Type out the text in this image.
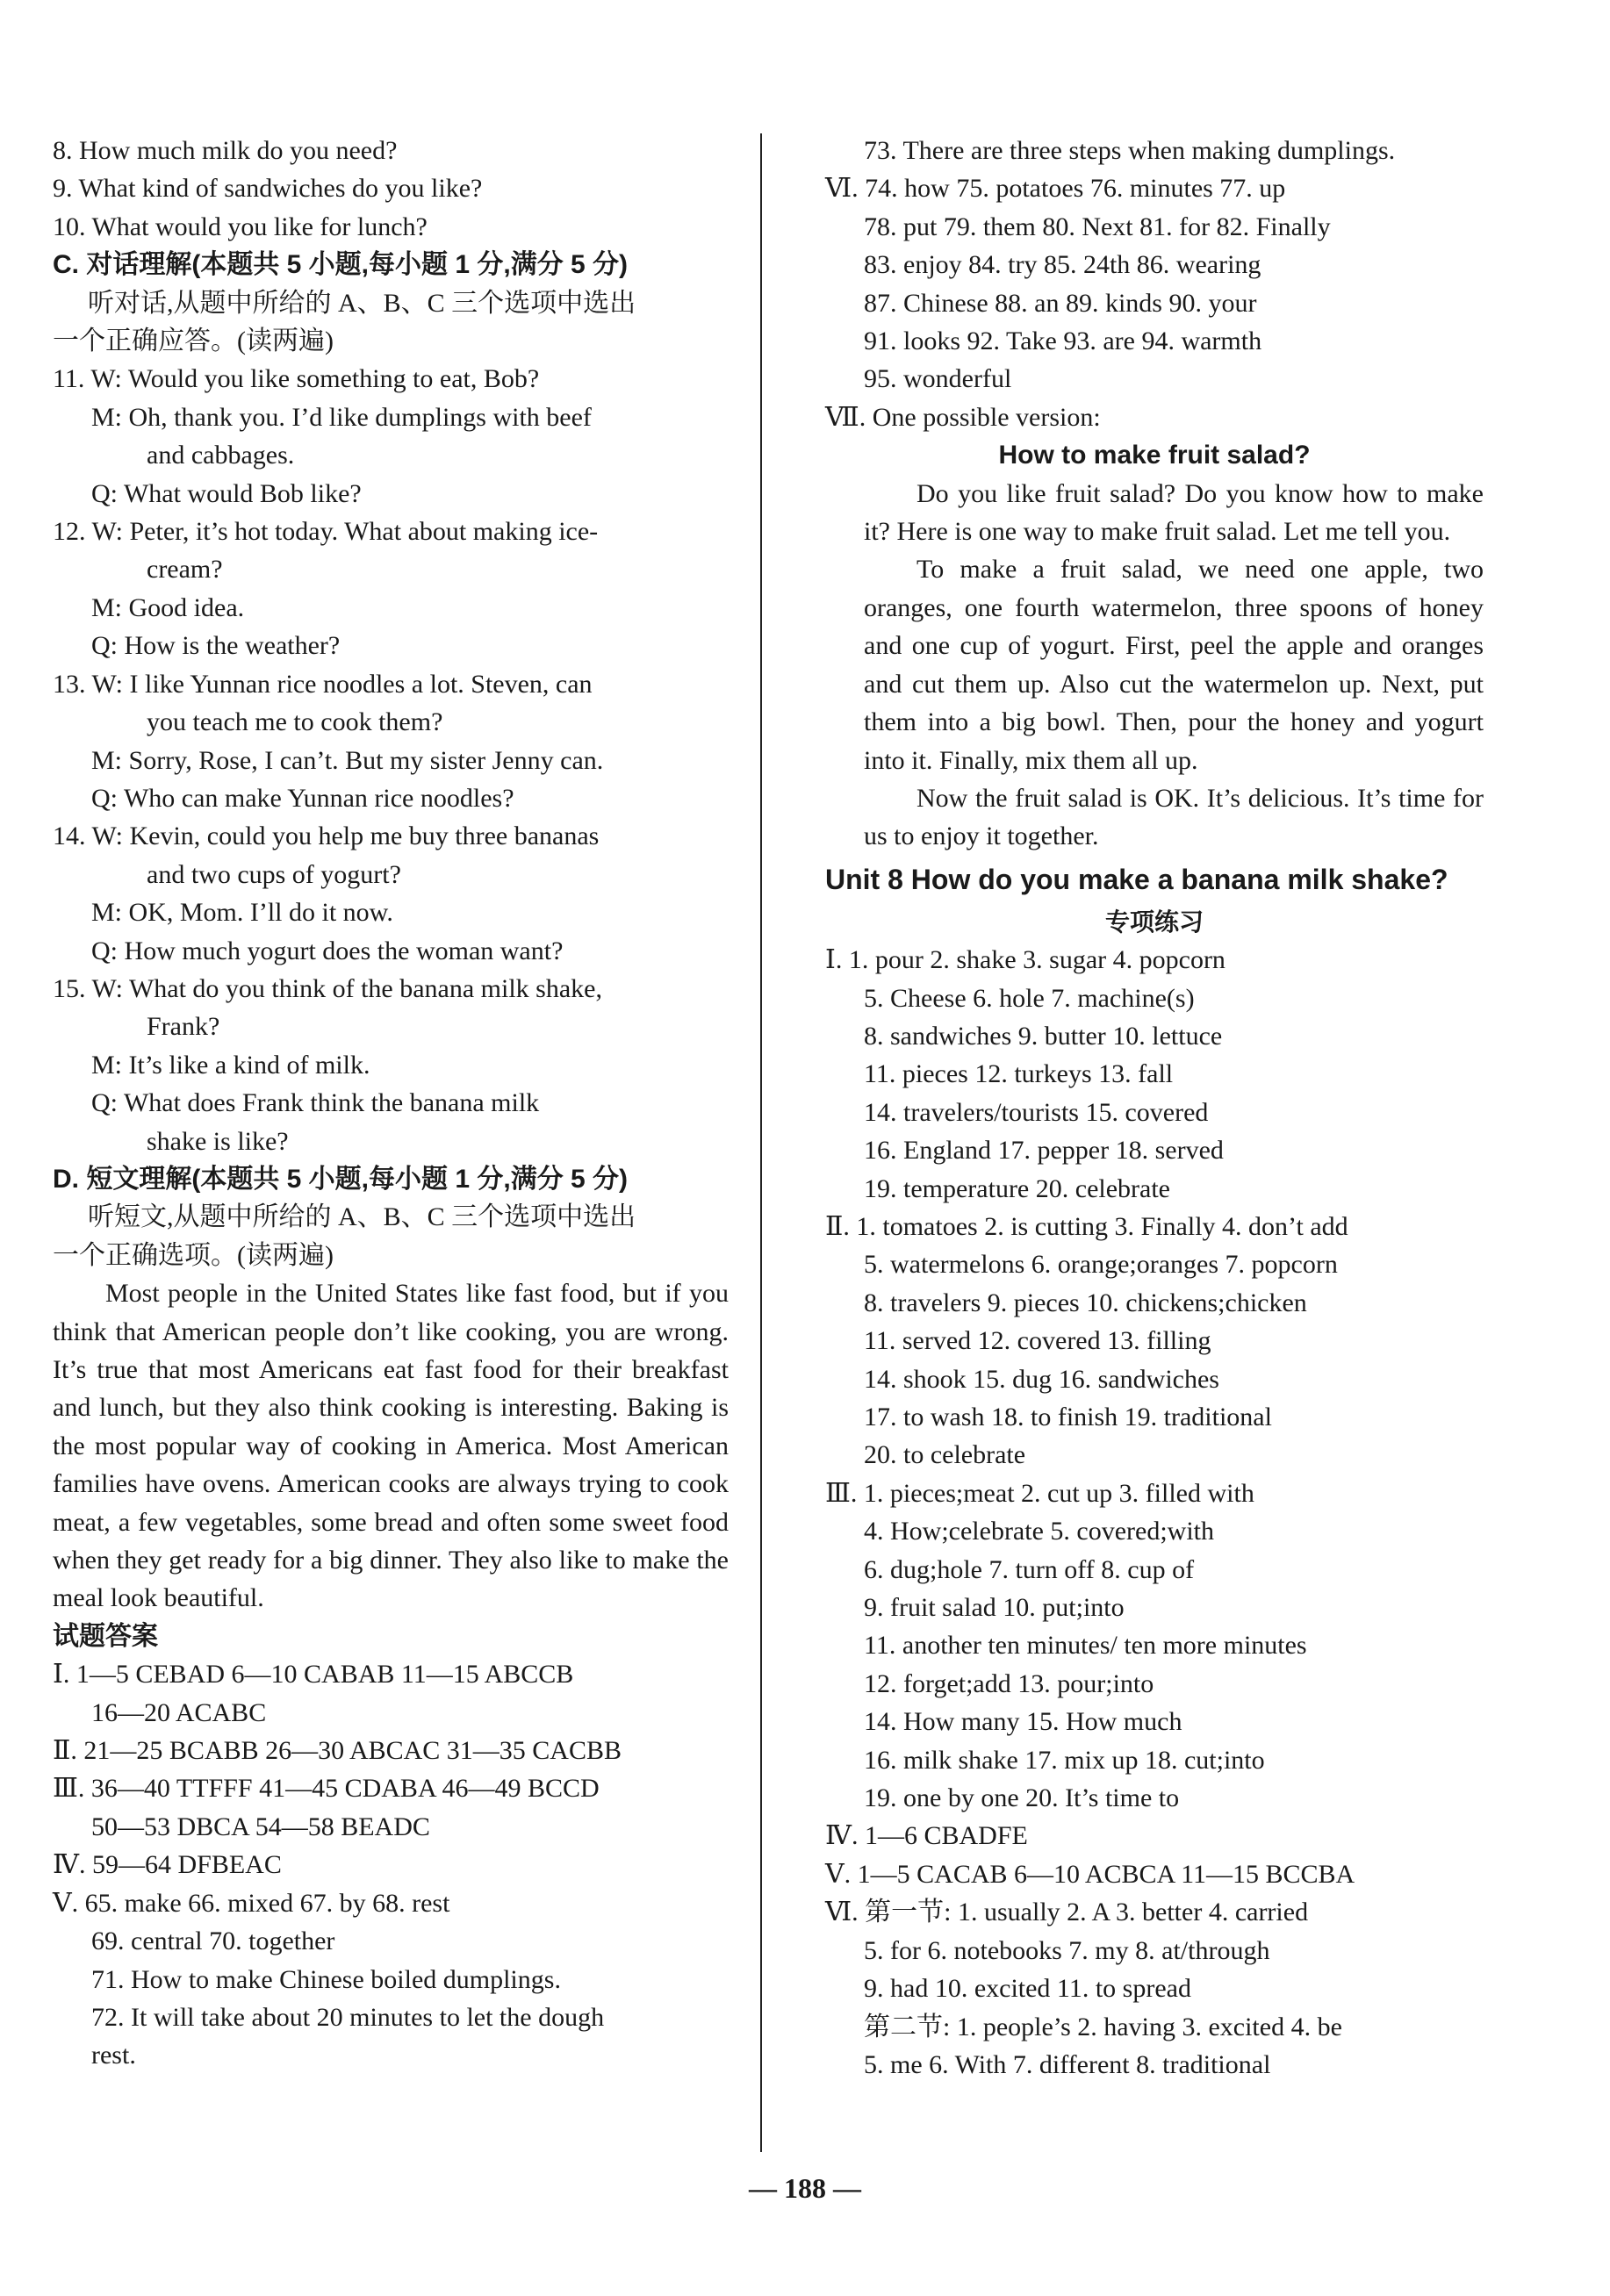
8. How much milk do you need?
9. What kind of sandwiches do you like?
10. What would you like for lunch?
C. 对话理解(本题共 5 小题,每小题 1 分,满分 5 分)
听对话,从题中所给的 A、B、C 三个选项中选出
一个正确应答。(读两遍)
11. W: Would you like something to eat, Bob?
M: Oh, thank you. I’d like dumplings with beef
and cabbages.
Q: What would Bob like?
12. W: Peter, it’s hot today. What about making ice-
cream?
M: Good idea.
Q: How is the weather?
13. W: I like Yunnan rice noodles a lot. Steven, can
you teach me to cook them?
M: Sorry, Rose, I can’t. But my sister Jenny can.
Q: Who can make Yunnan rice noodles?
14. W: Kevin, could you help me buy three bananas
and two cups of yogurt?
M: OK, Mom. I’ll do it now.
Q: How much yogurt does the woman want?
15. W: What do you think of the banana milk shake,
Frank?
M: It’s like a kind of milk.
Q: What does Frank think the banana milk
shake is like?
D. 短文理解(本题共 5 小题,每小题 1 分,满分 5 分)
听短文,从题中所给的 A、B、C 三个选项中选出
一个正确选项。(读两遍)
Most people in the United States like fast food, but if you think that American people don’t like cooking, you are wrong. It’s true that most Americans eat fast food for their breakfast and lunch, but they also think cooking is interesting. Baking is the most popular way of cooking in America. Most American families have ovens. American cooks are always trying to cook meat, a few vegetables, some bread and often some sweet food when they get ready for a big dinner. They also like to make the meal look beautiful.
试题答案
Ⅰ. 1—5 CEBAD 6—10 CABAB 11—15 ABCCB
16—20 ACABC
Ⅱ. 21—25 BCABB 26—30 ABCAC 31—35 CACBB
Ⅲ. 36—40 TTFFF 41—45 CDABA 46—49 BCCD
50—53 DBCA 54—58 BEADC
Ⅳ. 59—64 DFBEAC
Ⅴ. 65. make 66. mixed 67. by 68. rest
69. central 70. together
71. How to make Chinese boiled dumplings.
72. It will take about 20 minutes to let the dough
rest.
73. There are three steps when making dumplings.
Ⅵ. 74. how 75. potatoes 76. minutes 77. up
78. put 79. them 80. Next 81. for 82. Finally
83. enjoy 84. try 85. 24th 86. wearing
87. Chinese 88. an 89. kinds 90. your
91. looks 92. Take 93. are 94. warmth
95. wonderful
Ⅶ. One possible version:
How to make fruit salad?
Do you like fruit salad? Do you know how to make it? Here is one way to make fruit salad. Let me tell you.
To make a fruit salad, we need one apple, two oranges, one fourth watermelon, three spoons of honey and one cup of yogurt. First, peel the apple and oranges and cut them up. Also cut the watermelon up. Next, put them into a big bowl. Then, pour the honey and yogurt into it. Finally, mix them all up.
Now the fruit salad is OK. It’s delicious. It’s time for us to enjoy it together.
Unit 8 How do you make a banana milk shake?
专项练习
Ⅰ. 1. pour 2. shake 3. sugar 4. popcorn
5. Cheese 6. hole 7. machine(s)
8. sandwiches 9. butter 10. lettuce
11. pieces 12. turkeys 13. fall
14. travelers/tourists 15. covered
16. England 17. pepper 18. served
19. temperature 20. celebrate
Ⅱ. 1. tomatoes 2. is cutting 3. Finally 4. don’t add
5. watermelons 6. orange;oranges 7. popcorn
8. travelers 9. pieces 10. chickens;chicken
11. served 12. covered 13. filling
14. shook 15. dug 16. sandwiches
17. to wash 18. to finish 19. traditional
20. to celebrate
Ⅲ. 1. pieces;meat 2. cut up 3. filled with
4. How;celebrate 5. covered;with
6. dug;hole 7. turn off 8. cup of
9. fruit salad 10. put;into
11. another ten minutes/ ten more minutes
12. forget;add 13. pour;into
14. How many 15. How much
16. milk shake 17. mix up 18. cut;into
19. one by one 20. It’s time to
Ⅳ. 1—6 CBADFE
Ⅴ. 1—5 CACAB 6—10 ACBCA 11—15 BCCBA
Ⅵ. 第一节: 1. usually 2. A 3. better 4. carried
5. for 6. notebooks 7. my 8. at/through
9. had 10. excited 11. to spread
第二节: 1. people’s 2. having 3. excited 4. be
5. me 6. With 7. different 8. traditional
— 188 —
